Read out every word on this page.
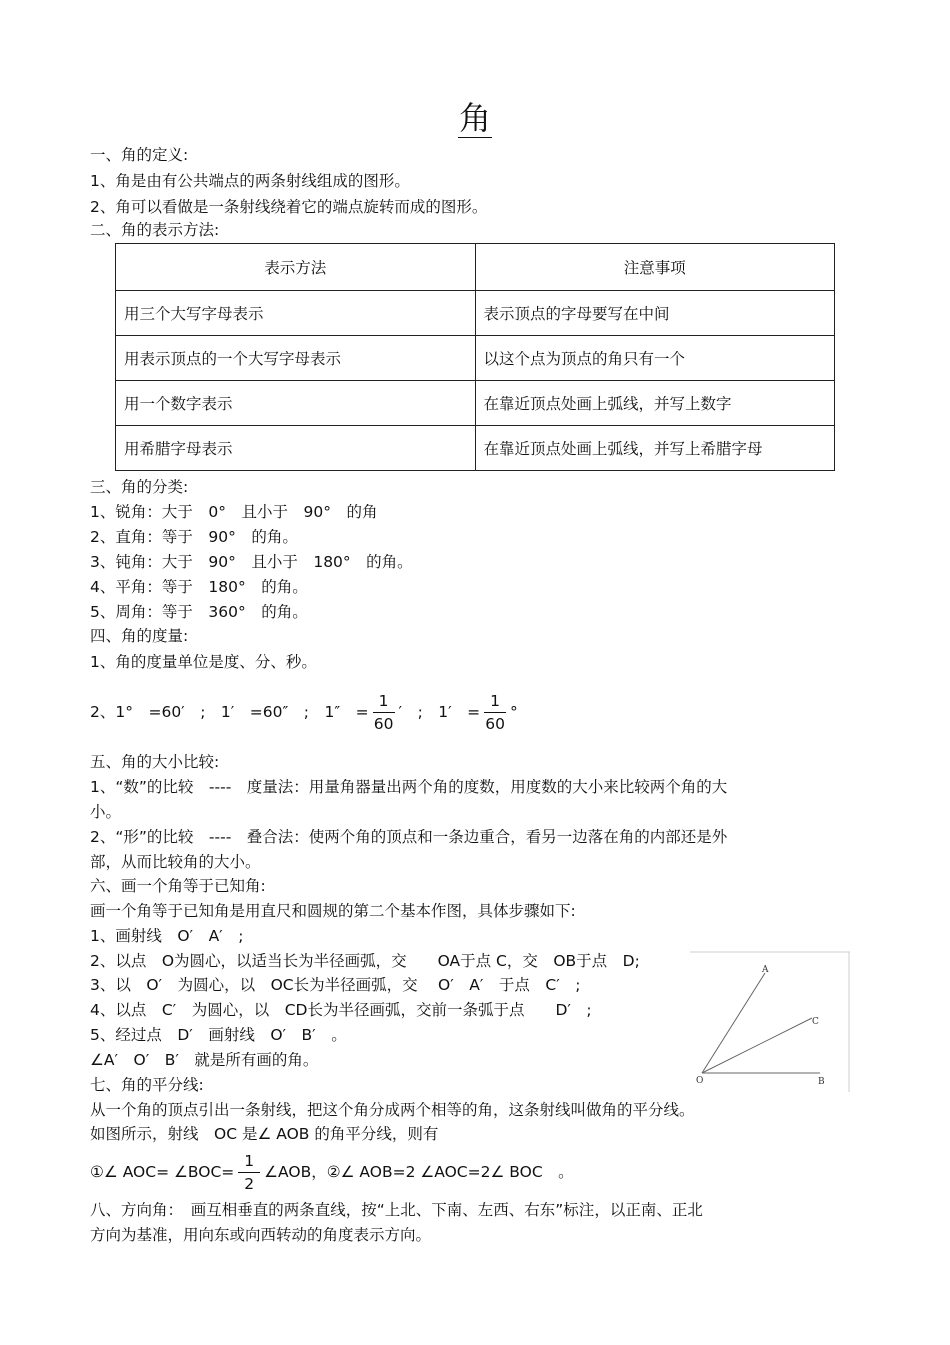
角
一、角的定义:
1、角是由有公共端点的两条射线组成的图形。
2、角可以看做是一条射线绕着它的端点旋转而成的图形。
二、角的表示方法:
表示方法	注意事项
用三个大写字母表示	表示顶点的字母要写在中间
用表示顶点的一个大写字母表示	以这个点为顶点的角只有一个
用一个数字表示	在靠近顶点处画上弧线，并写上数字
用希腊字母表示	在靠近顶点处画上弧线，并写上希腊字母
三、角的分类:
1、锐角：大于　0°　且小于　90°　的角
2、直角：等于　90°　的角。
3、钝角：大于　90°　且小于　180°　的角。
4、平角：等于　180°　的角。
5、周角：等于　360°　的角。
四、角的度量:
1、角的度量单位是度、分、秒。
2、1°　=60′　;　1′　=60″　;　1″　= $\frac{1}{60}$ ′　;　1′　= $\frac{1}{60}$ °
五、角的大小比较:
1、“数”的比较　----　度量法：用量角器量出两个角的度数，用度数的大小来比较两个角的大
小。
2、“形”的比较　----　叠合法：使两个角的顶点和一条边重合，看另一边落在角的内部还是外
部，从而比较角的大小。
六、画一个角等于已知角:
画一个角等于已知角是用直尺和圆规的第二个基本作图，具体步骤如下:
1、画射线　O′　A′　;
2、以点　O为圆心，以适当长为半径画弧，交　　OA于点 C，交　OB于点　D;
3、以　O′　为圆心，以　OC长为半径画弧，交　 O′　A′　于点　C′　;
4、以点　C′　为圆心，以　CD长为半径画弧，交前一条弧于点　　D′　;
5、经过点　D′　画射线　O′　B′　。
∠A′　O′　B′　就是所有画的角。
A
C
O	B
七、角的平分线:
从一个角的顶点引出一条射线，把这个角分成两个相等的角，这条射线叫做角的平分线。
如图所示，射线　OC 是∠ AOB 的角平分线，则有
①∠ AOC= ∠BOC= $\frac{1}{2}$ ∠AOB，②∠ AOB=2 ∠AOC=2∠ BOC　。
八、方向角：　画互相垂直的两条直线，按“上北、下南、左西、右东”标注，以正南、正北
方向为基准，用向东或向西转动的角度表示方向。
